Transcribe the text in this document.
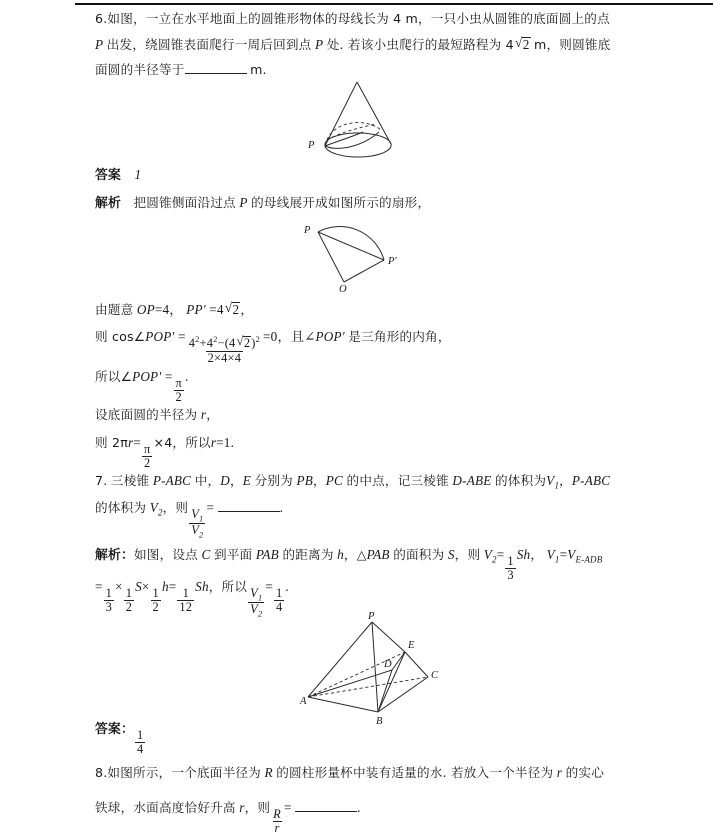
6.如图，一立在水平地面上的圆锥形物体的母线长为 4 m，一只小虫从圆锥的底面圆上的点
P 出发，绕圆锥表面爬行一周后回到点 P 处. 若该小虫爬行的最短路程为 4 √ 2 m，则圆锥底
面圆的半径等于	m.
P
答案 1
解析 把圆锥侧面沿过点 P 的母线展开成如图所示的扇形，
P
P'
O
由题意 OP=4， PP' =4 √ 2，
则 cos∠POP' = $\frac{4^2+4^2-(4 √ 2)^2}{2\times 4\times 4} =0$，且∠POP' 是三角形的内角，
所以∠POP' =
$\frac{\pi}{2}$
.
设底面圆的半径为 r，
则 2πr=
$\frac{\pi}{2}$
×4，所以r=1.
7. 三棱锥 P-ABC 中，D，E 分别为 PB，PC 的中点，记三棱锥 D-ABE 的体积为$V_1$，P-ABC
的体积为 $V_2$，则
$\frac{V_1}{V_2}$
=	.
解析：如图，设点 C 到平面 PAB 的距离为 h，△PAB 的面积为 S，则 $V_2=$
$\frac{1}{3}$
Sh， $V_1=V_{E-ADB}$
=
$\frac{1}{3}$
×
$\frac{1}{2}$
S×
$\frac{1}{2}$
h=
$\frac{1}{12}$
Sh，所以
$\frac{V_1}{V_2}$
=
$\frac{1}{4}$
.
P
E
D
C
A
B
答案： $\frac{1}{4}$
8.如图所示，一个底面半径为 R 的圆柱形量杯中装有适量的水. 若放入一个半径为 r 的实心
铁球，水面高度恰好升高 r，则
$\frac{R}{r}$
=	.
